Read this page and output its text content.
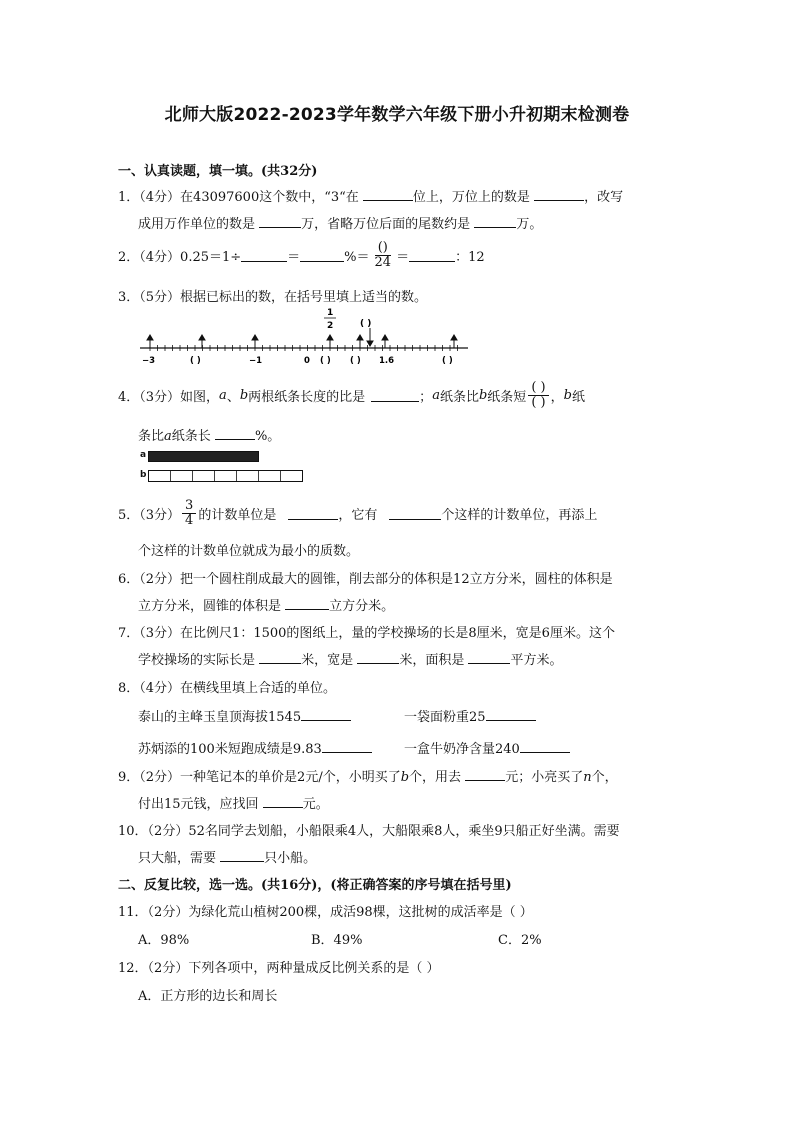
北师大版2022-2023学年数学六年级下册小升初期末检测卷
一、认真读题，填一填。(共32分)
1．（4分）在43097600这个数中，“3“在	位上，万位上的数是	，改写
成用万作单位的数是	万，省略万位后面的尾数约是	万。
2．（4分）0.25＝1÷	＝	%＝ $\frac{()}{24}$ ＝	：12
3．（5分）根据已标出的数，在括号里填上适当的数。
1
2	( )
−3	( )	−1	0 ( ) ( ) 1.6	( )
4．（3分）如图， a 、 b 两根纸条长度的比是	； a 纸条比 b 纸条短 $\frac{( )}{( )}$ ， b 纸
条比a纸条长	%。
a
b
5．（3分） $\frac{3}{4}$ 的计数单位是	，它有	个这样的计数单位，再添上
个这样的计数单位就成为最小的质数。
6．（2分）把一个圆柱削成最大的圆锥，削去部分的体积是12立方分米，圆柱的体积是
立方分米，圆锥的体积是	立方分米。
7．（3分）在比例尺1：1500的图纸上，量的学校操场的长是8厘米，宽是6厘米。这个
学校操场的实际长是	米，宽是	米，面积是	平方米。
8．（4分）在横线里填上合适的单位。
泰山的主峰玉皇顶海拔1545	一袋面粉重25
苏炳添的100米短跑成绩是9.83	一盒牛奶净含量240
9．（2分）一种笔记本的单价是2元/个，小明买了b个，用去	元；小亮买了n个，
付出15元钱，应找回	元。
10．（2分）52名同学去划船，小船限乘4人，大船限乘8人，乘坐9只船正好坐满。需要
只大船，需要	只小船。
二、反复比较，选一选。(共16分)，(将正确答案的序号填在括号里)
11．（2分）为绿化荒山植树200棵，成活98棵，这批树的成活率是（ ）
A．98%	B．49%	C．2%
12．（2分）下列各项中，两种量成反比例关系的是（ ）
A．正方形的边长和周长
